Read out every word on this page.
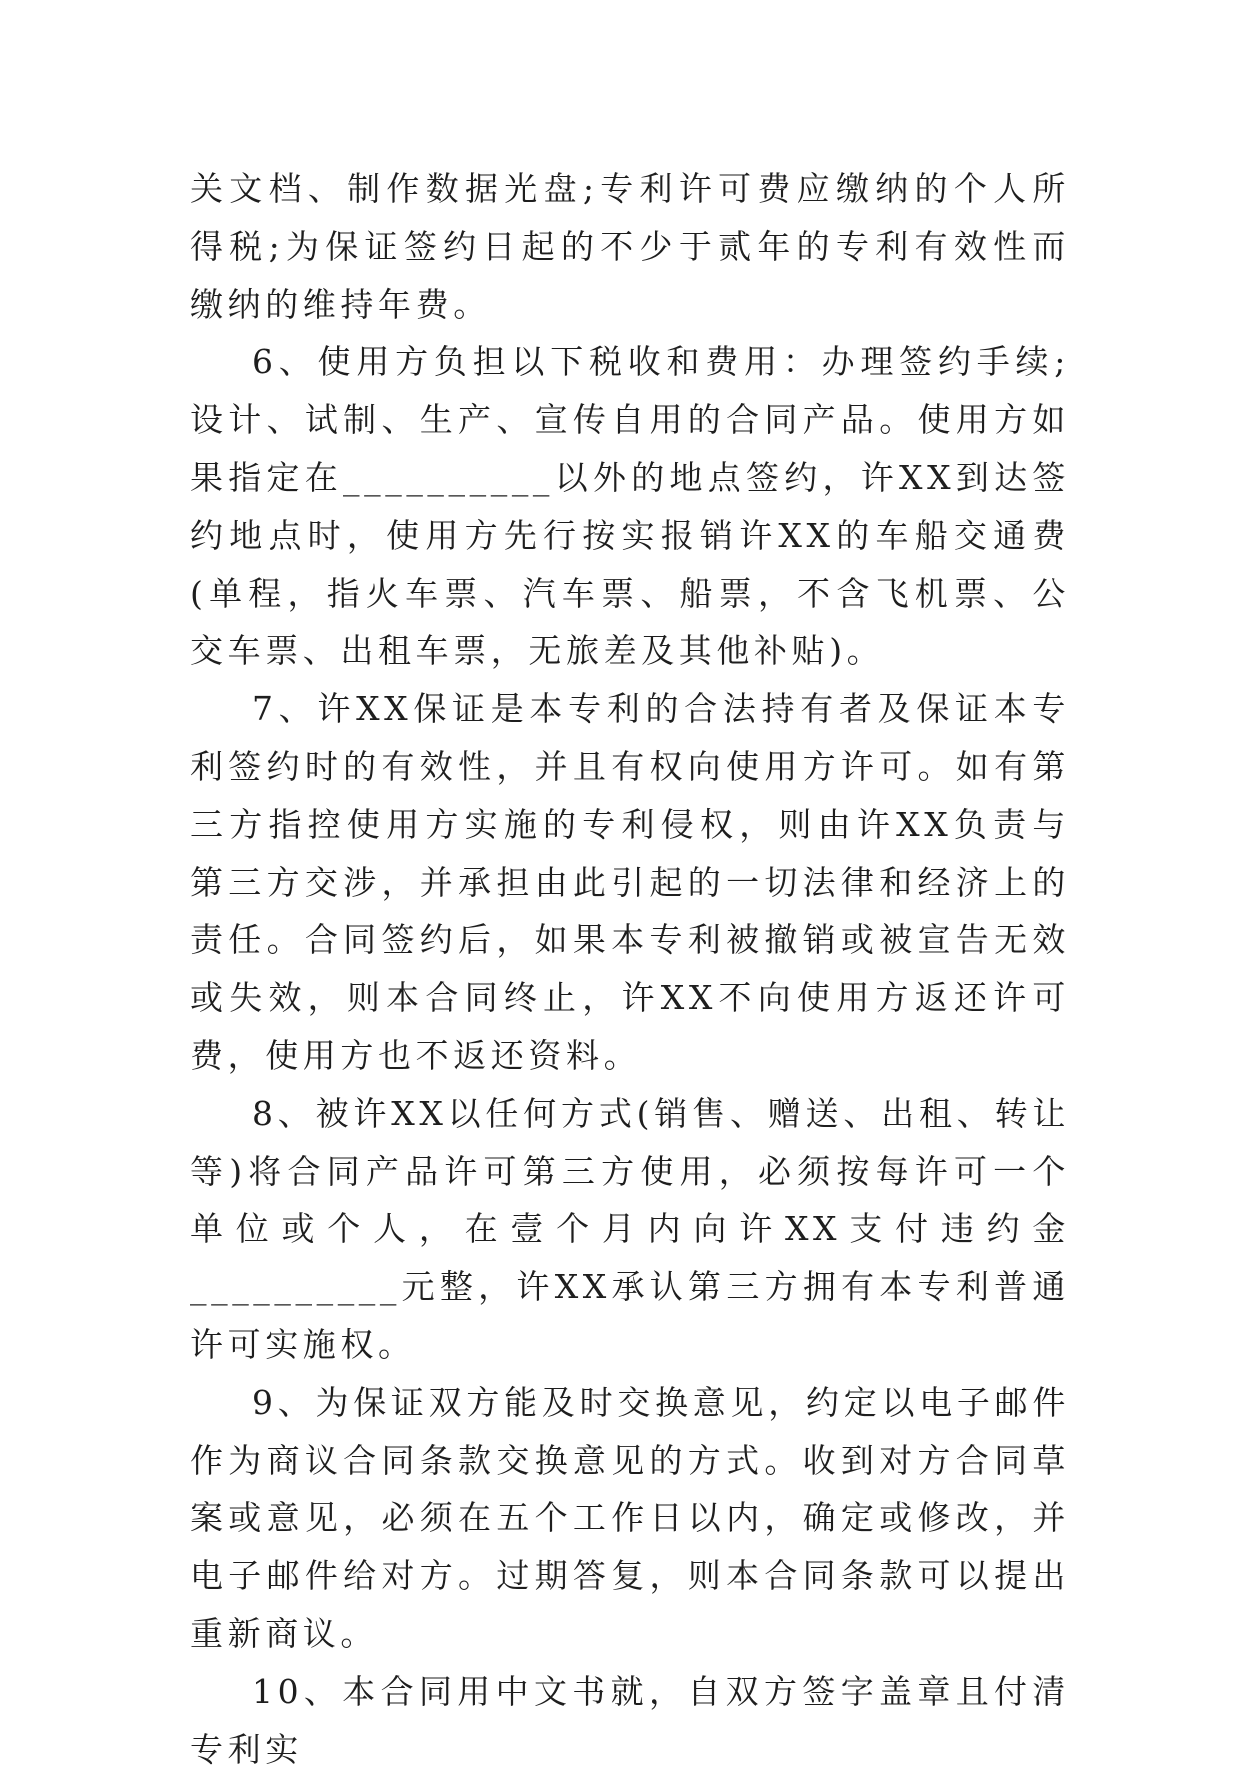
关文档、制作数据光盘;专利许可费应缴纳的个人所得税;为保证签约日起的不少于贰年的专利有效性而缴纳的维持年费。

6、使用方负担以下税收和费用：办理签约手续;设计、试制、生产、宣传自用的合同产品。使用方如果指定在__________以外的地点签约，许XX到达签约地点时，使用方先行按实报销许XX的车船交通费(单程，指火车票、汽车票、船票，不含飞机票、公交车票、出租车票，无旅差及其他补贴)。

7、许XX保证是本专利的合法持有者及保证本专利签约时的有效性，并且有权向使用方许可。如有第三方指控使用方实施的专利侵权，则由许XX负责与第三方交涉，并承担由此引起的一切法律和经济上的责任。合同签约后，如果本专利被撤销或被宣告无效或失效，则本合同终止，许XX不向使用方返还许可费，使用方也不返还资料。

8、被许XX以任何方式(销售、赠送、出租、转让等)将合同产品许可第三方使用，必须按每许可一个单位或个人，在壹个月内向许XX支付违约金__________元整，许XX承认第三方拥有本专利普通许可实施权。

9、为保证双方能及时交换意见，约定以电子邮件作为商议合同条款交换意见的方式。收到对方合同草案或意见，必须在五个工作日以内，确定或修改，并电子邮件给对方。过期答复，则本合同条款可以提出重新商议。

10、本合同用中文书就，自双方签字盖章且付清专利实
